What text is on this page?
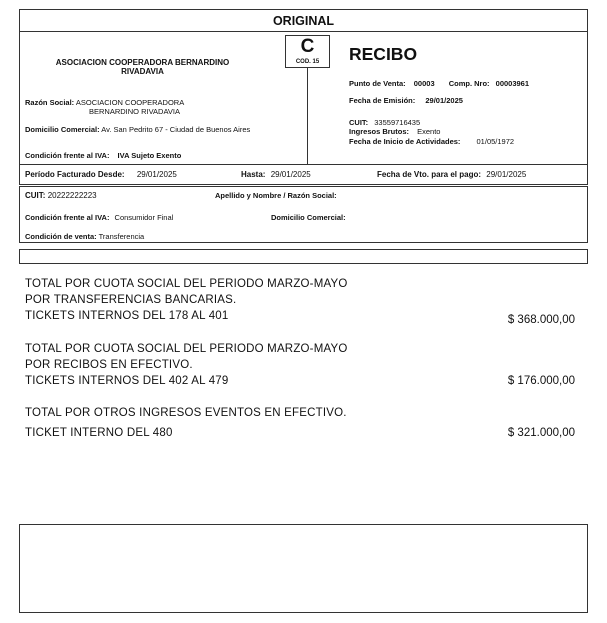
ORIGINAL
C
COD. 15
ASOCIACION COOPERADORA BERNARDINO
RIVADAVIA
Razón Social: ASOCIACION COOPERADORA
BERNARDINO RIVADAVIA
Domicilio Comercial: Av. San Pedrito 67 - Ciudad de Buenos Aires
Condición frente al IVA: IVA Sujeto Exento
RECIBO
Punto de Venta: 00003 Comp. Nro: 00003961
Fecha de Emisión: 29/01/2025
CUIT: 33559716435
Ingresos Brutos: Exento
Fecha de Inicio de Actividades: 01/05/1972
Período Facturado Desde: 29/01/2025	Hasta: 29/01/2025	Fecha de Vto. para el pago: 29/01/2025
CUIT: 20222222223	Apellido y Nombre / Razón Social:
Condición frente al IVA: Consumidor Final	Domicilio Comercial:
Condición de venta: Transferencia
TOTAL POR CUOTA SOCIAL DEL PERIODO MARZO-MAYO
POR TRANSFERENCIAS BANCARIAS.
TICKETS INTERNOS DEL 178 AL 401	$ 368.000,00
TOTAL POR CUOTA SOCIAL DEL PERIODO MARZO-MAYO
POR RECIBOS EN EFECTIVO.
TICKETS INTERNOS DEL 402 AL 479	$ 176.000,00
TOTAL POR OTROS INGRESOS EVENTOS EN EFECTIVO.
TICKET INTERNO DEL 480	$ 321.000,00
